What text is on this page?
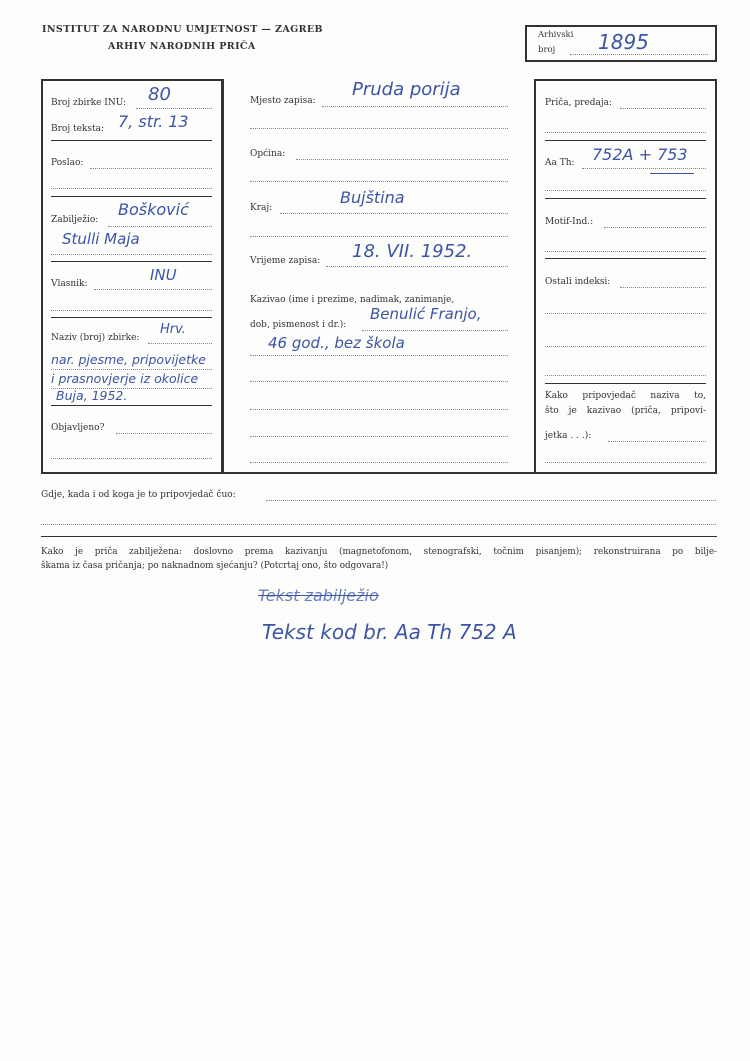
INSTITUT ZA NARODNU UMJETNOST — ZAGREB
ARHIV NARODNIH PRIČA
Arhivski
broj 1895
Broj zbirke INU: 80
Broj teksta: 7, str. 13
Poslao:
Zabilježio:
Bošković
Stulli Maja
Vlasnik:	INU
Naziv (broj) zbirke:
Hrv.
nar. pjesme, pripovijetke
i prasnovjerje iz okolice
Buja, 1952.
Objavljeno?
Mjesto zapisa:
Pruda porija
Općina:
Kraj:
Bujština
Vrijeme zapisa: 18. VII. 1952.
Kazivao (ime i prezime, nadimak, zanimanje,
dob, pismenost i dr.):
Benulić Franjo,
46 god., bez škola
Priča, predaja:
Aa Th: 752A + 753
Motif-Ind.:
Ostali indeksi:
Kako pripovjedač naziva to,
što je kazivao (priča, pripovi-
jetka . . .):
Gdje, kada i od koga je to pripovjedač čuo:
Kako je priča zabilježena: doslovno prema kazivanju (magnetofonom, stenografski, točnim pisanjem); rekonstruirana po bilje-
škama iz časa pričanja; po naknadnom sjećanju? (Potcrtaj ono, što odgovara!)
Tekst zabilježio
Tekst kod br. Aa Th 752 A
